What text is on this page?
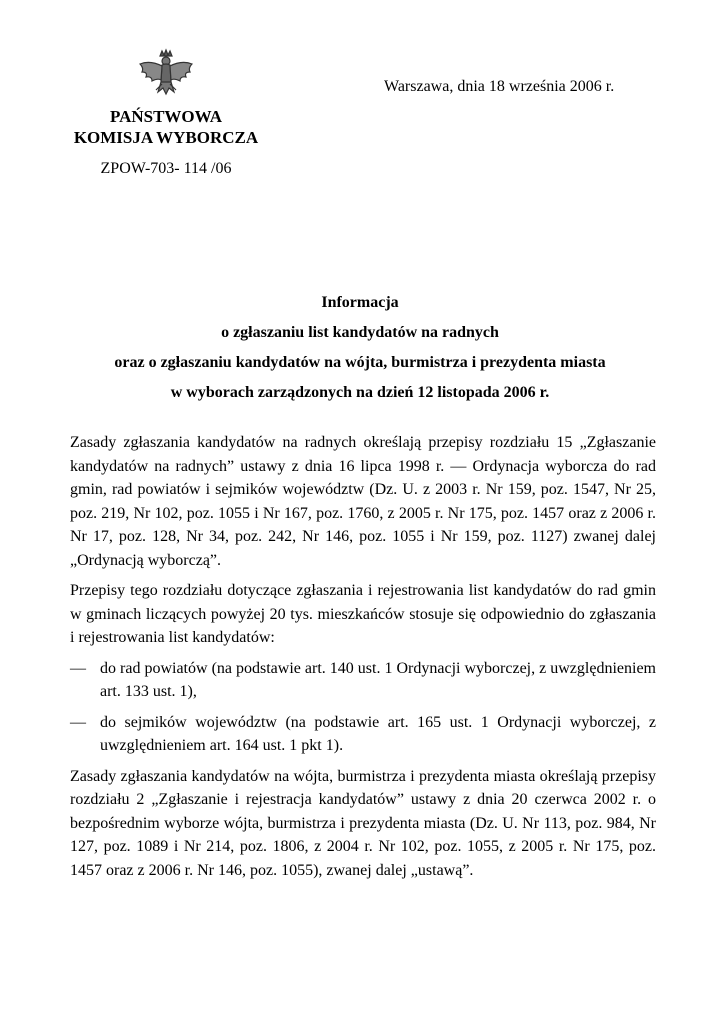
Warszawa, dnia 18 września 2006 r.
PAŃSTWOWA
KOMISJA WYBORCZA
ZPOW-703- 114 /06
Informacja
o zgłaszaniu list kandydatów na radnych
oraz o zgłaszaniu kandydatów na wójta, burmistrza i prezydenta miasta
w wyborach zarządzonych na dzień 12 listopada 2006 r.

Zasady zgłaszania kandydatów na radnych określają przepisy rozdziału 15 „Zgłaszanie kandydatów na radnych” ustawy z dnia 16 lipca 1998 r. — Ordynacja wyborcza do rad gmin, rad powiatów i sejmików województw (Dz. U. z 2003 r. Nr 159, poz. 1547, Nr 25, poz. 219, Nr 102, poz. 1055 i Nr 167, poz. 1760, z 2005 r. Nr 175, poz. 1457 oraz z 2006 r. Nr 17, poz. 128, Nr 34, poz. 242, Nr 146, poz. 1055 i Nr 159, poz. 1127) zwanej dalej „Ordynacją wyborczą”.

Przepisy tego rozdziału dotyczące zgłaszania i rejestrowania list kandydatów do rad gmin w gminach liczących powyżej 20 tys. mieszkańców stosuje się odpowiednio do zgłaszania i rejestrowania list kandydatów:

— do rad powiatów (na podstawie art. 140 ust. 1 Ordynacji wyborczej, z uwzględnieniem art. 133 ust. 1),
— do sejmików województw (na podstawie art. 165 ust. 1 Ordynacji wyborczej, z uwzględnieniem art. 164 ust. 1 pkt 1).

Zasady zgłaszania kandydatów na wójta, burmistrza i prezydenta miasta określają przepisy rozdziału 2 „Zgłaszanie i rejestracja kandydatów” ustawy z dnia 20 czerwca 2002 r. o bezpośrednim wyborze wójta, burmistrza i prezydenta miasta (Dz. U. Nr 113, poz. 984, Nr 127, poz. 1089 i Nr 214, poz. 1806, z 2004 r. Nr 102, poz. 1055, z 2005 r. Nr 175, poz. 1457 oraz z 2006 r. Nr 146, poz. 1055), zwanej dalej „ustawą”.
